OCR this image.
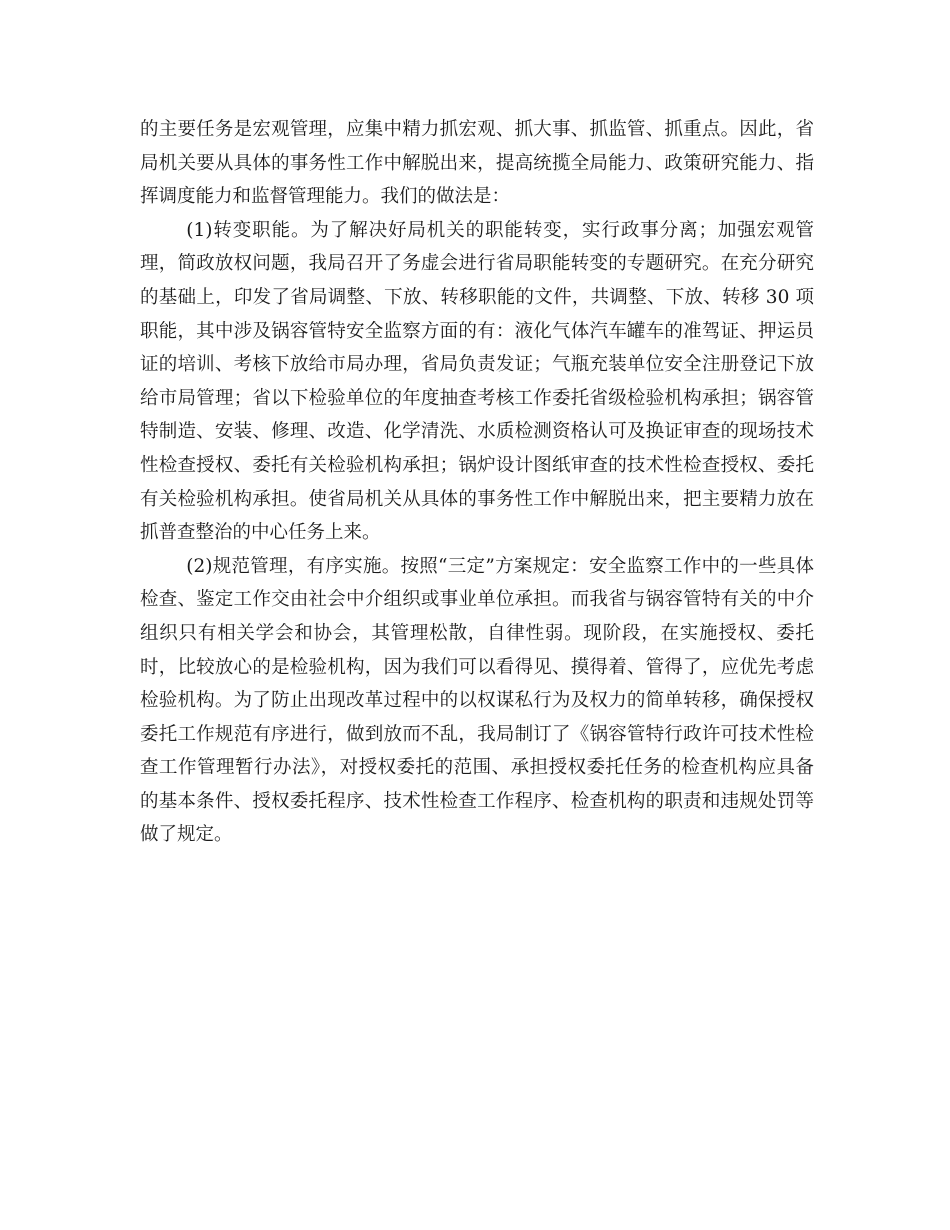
的主要任务是宏观管理，应集中精力抓宏观、抓大事、抓监管、抓重点。因此，省局机关要从具体的事务性工作中解脱出来，提高统揽全局能力、政策研究能力、指挥调度能力和监督管理能力。我们的做法是：

(1)转变职能。为了解决好局机关的职能转变，实行政事分离；加强宏观管理，简政放权问题，我局召开了务虚会进行省局职能转变的专题研究。在充分研究的基础上，印发了省局调整、下放、转移职能的文件，共调整、下放、转移 30 项职能，其中涉及锅容管特安全监察方面的有：液化气体汽车罐车的准驾证、押运员证的培训、考核下放给市局办理，省局负责发证；气瓶充装单位安全注册登记下放给市局管理；省以下检验单位的年度抽查考核工作委托省级检验机构承担；锅容管特制造、安装、修理、改造、化学清洗、水质检测资格认可及换证审查的现场技术性检查授权、委托有关检验机构承担；锅炉设计图纸审查的技术性检查授权、委托有关检验机构承担。使省局机关从具体的事务性工作中解脱出来，把主要精力放在抓普查整治的中心任务上来。

(2)规范管理，有序实施。按照“三定”方案规定：安全监察工作中的一些具体检查、鉴定工作交由社会中介组织或事业单位承担。而我省与锅容管特有关的中介组织只有相关学会和协会，其管理松散，自律性弱。现阶段，在实施授权、委托时，比较放心的是检验机构，因为我们可以看得见、摸得着、管得了，应优先考虑检验机构。为了防止出现改革过程中的以权谋私行为及权力的简单转移，确保授权委托工作规范有序进行，做到放而不乱，我局制订了《锅容管特行政许可技术性检查工作管理暂行办法》，对授权委托的范围、承担授权委托任务的检查机构应具备的基本条件、授权委托程序、技术性检查工作程序、检查机构的职责和违规处罚等做了规定。
